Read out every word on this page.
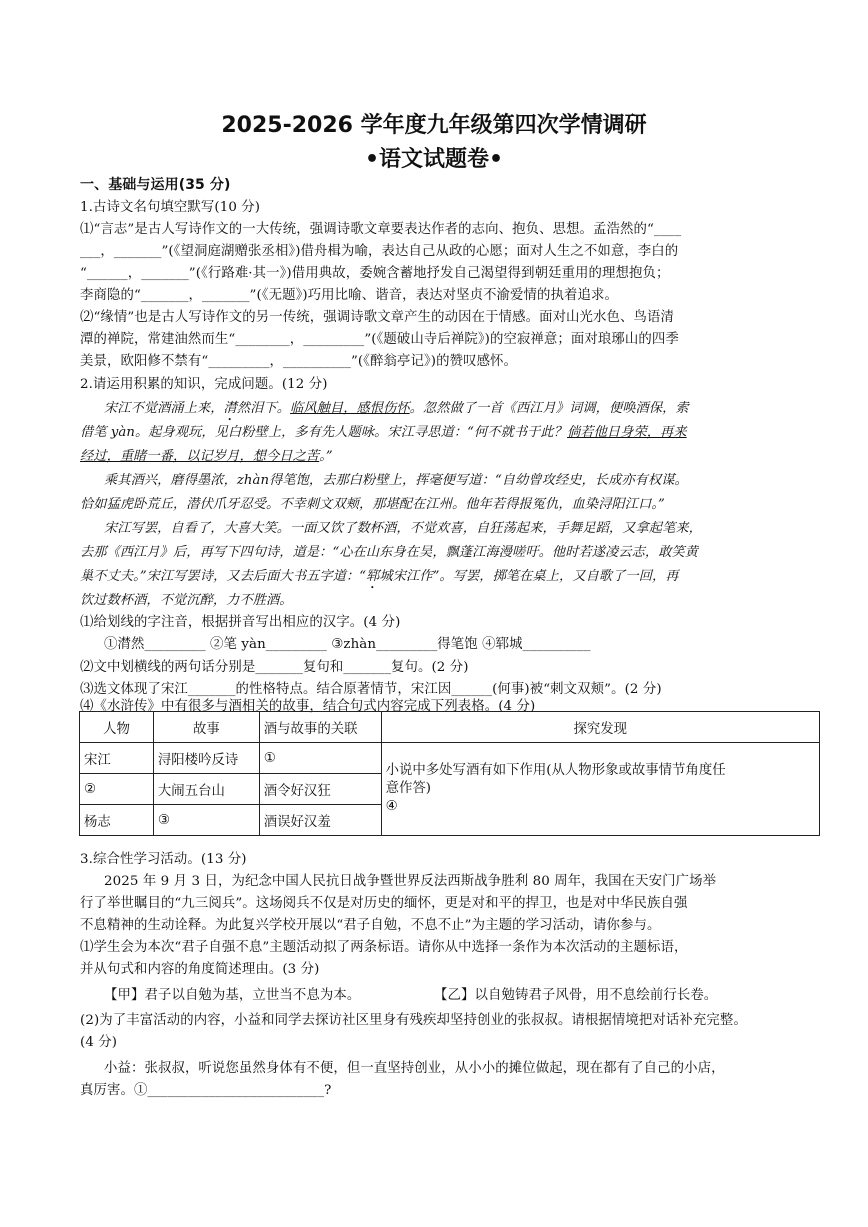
2025-2026 学年度九年级第四次学情调研
•语文试题卷•
一、基础与运用(35 分)
1.古诗文名句填空默写(10 分)
⑴“言志”是古人写诗作文的一大传统，强调诗歌文章要表达作者的志向、抱负、思想。孟浩然的“____
___，_______”(《望洞庭湖赠张丞相》)借舟楫为喻，表达自己从政的心愿；面对人生之不如意，李白的
“______，_______”(《行路难·其一》)借用典故，委婉含蓄地抒发自己渴望得到朝廷重用的理想抱负；
李商隐的“_______，_______”(《无题》)巧用比喻、谐音，表达对坚贞不渝爱情的执着追求。
⑵“缘情”也是古人写诗作文的另一传统，强调诗歌文章产生的动因在于情感。面对山光水色、鸟语清
潭的禅院，常建油然而生“________，_________”(《题破山寺后禅院》)的空寂禅意；面对琅琊山的四季
美景，欧阳修不禁有“_________，__________”(《醉翁亭记》)的赞叹感怀。
2.请运用积累的知识，完成问题。(12 分)
宋江不觉酒涌上来，潸然泪下。临风触目，感恨伤怀。忽然做了一首《西江月》词调，便唤酒保，索
借笔 yàn。起身观玩，见白粉壁上，多有先人题咏。宋江寻思道：“何不就书于此？倘若他日身荣，再来
经过，重睹一番，以记岁月，想今日之苦。”
乘其酒兴，磨得墨浓，zhàn得笔饱，去那白粉壁上，挥毫便写道：“自幼曾攻经史，长成亦有权谋。
恰如猛虎卧荒丘，潜伏爪牙忍受。不幸刺文双颊，那堪配在江州。他年若得报冤仇，血染浔阳江口。”
宋江写罢，自看了，大喜大笑。一面又饮了数杯酒，不觉欢喜，自狂荡起来，手舞足蹈，又拿起笔来，
去那《西江月》后，再写下四句诗，道是：“心在山东身在吴，飘蓬江海漫嗟吁。他时若遂凌云志，敢笑黄
巢不丈夫。”宋江写罢诗，又去后面大书五字道：“郓城宋江作”。写罢，掷笔在桌上，又自歌了一回，再
饮过数杯酒，不觉沉醉，力不胜酒。
⑴给划线的字注音，根据拼音写出相应的汉字。(4 分)
①潸然_________ ②笔 yàn_________ ③zhàn_________得笔饱 ④郓城__________
⑵文中划横线的两句话分别是_______复句和_______复句。(2 分)
⑶选文体现了宋江_______的性格特点。结合原著情节，宋江因______(何事)被“刺文双颊”。(2 分)
⑷《水浒传》中有很多与酒相关的故事，结合句式内容完成下列表格。(4 分)
人物	故事	酒与故事的关联	探究发现
宋江	浔阳楼吟反诗	①	小说中多处写酒有如下作用(从人物形象或故事情节角度任
意作答)
④

②	大闹五台山	酒令好汉狂	
杨志	③	酒误好汉羞	
3.综合性学习活动。(13 分)
2025 年 9 月 3 日，为纪念中国人民抗日战争暨世界反法西斯战争胜利 80 周年，我国在天安门广场举
行了举世瞩目的“九三阅兵”。这场阅兵不仅是对历史的缅怀，更是对和平的捍卫，也是对中华民族自强
不息精神的生动诠释。为此复兴学校开展以“君子自勉，不息不止”为主题的学习活动，请你参与。
⑴学生会为本次“君子自强不息”主题活动拟了两条标语。请你从中选择一条作为本次活动的主题标语，
并从句式和内容的角度简述理由。(3 分)
【甲】君子以自勉为基，立世当不息为本。	【乙】以自勉铸君子风骨，用不息绘前行长卷。
(2)为了丰富活动的内容，小益和同学去探访社区里身有残疾却坚持创业的张叔叔。请根据情境把对话补充完整。
(4 分)
小益：张叔叔，听说您虽然身体有不便，但一直坚持创业，从小小的摊位做起，现在都有了自己的小店，
真厉害。①__________________________?
